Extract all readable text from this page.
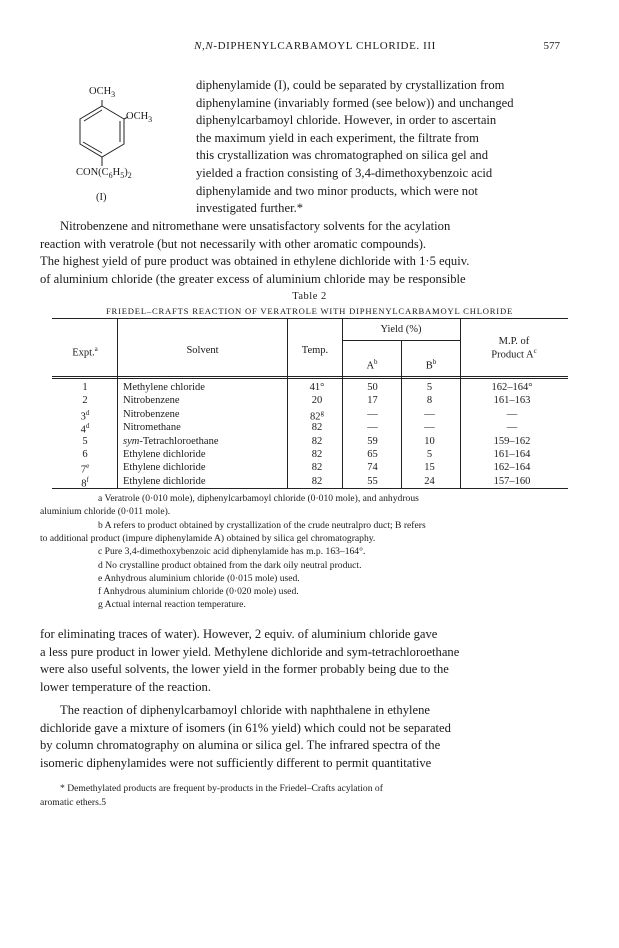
N,N-DIPHENYLCARBAMOYL CHLORIDE. III	577
$OCH_3$
$OCH_3$
$CON(C_6H_5)_2$
(I)
diphenylamide (I), could be separated by crystallization from
diphenylamine (invariably formed (see below)) and unchanged
diphenylcarbamoyl chloride. However, in order to ascertain
the maximum yield in each experiment, the filtrate from
this crystallization was chromatographed on silica gel and
yielded a fraction consisting of 3,4-dimethoxybenzoic acid
diphenylamide and two minor products, which were not
investigated further.*
Nitrobenzene and nitromethane were unsatisfactory solvents for the acylation
reaction with veratrole (but not necessarily with other aromatic compounds).
The highest yield of pure product was obtained in ethylene dichloride with 1·5 equiv.
of aluminium chloride (the greater excess of aluminium chloride may be responsible
Table 2
FRIEDEL–CRAFTS REACTION OF VERATROLE WITH DIPHENYLCARBAMOYL CHLORIDE
Expt.$^a$	Solvent	Temp.
Yield (%)
$A^b$	$B^b$
M.P. of
Product $A^c$
1	Methylene chloride	41°	50	5	162–164°
2	Nitrobenzene	20	17	8	161–163
3$^d$	Nitrobenzene	82$^g$	—	—	—
4$^d$	Nitromethane	82	—	—	—
5	sym-Tetrachloroethane	82	59	10	159–162
6	Ethylene dichloride	82	65	5	161–164
7e	Ethylene dichloride	82	74	15	162–164
8$^f$	Ethylene dichloride	82	55	24	157–160
a Veratrole (0·010 mole), diphenylcarbamoyl chloride (0·010 mole), and anhydrous
aluminium chloride (0·011 mole).
b A refers to product obtained by crystallization of the crude neutralpro duct; B refers
to additional product (impure diphenylamide A) obtained by silica gel chromatography.
c Pure 3,4-dimethoxybenzoic acid diphenylamide has m.p. 163–164°.
d No crystalline product obtained from the dark oily neutral product.
e Anhydrous aluminium chloride (0·015 mole) used.
f Anhydrous aluminium chloride (0·020 mole) used.
g Actual internal reaction temperature.
for eliminating traces of water). However, 2 equiv. of aluminium chloride gave
a less pure product in lower yield. Methylene dichloride and sym-tetrachloroethane
were also useful solvents, the lower yield in the former probably being due to the
lower temperature of the reaction.
The reaction of diphenylcarbamoyl chloride with naphthalene in ethylene
dichloride gave a mixture of isomers (in 61% yield) which could not be separated
by column chromatography on alumina or silica gel. The infrared spectra of the
isomeric diphenylamides were not sufficiently different to permit quantitative
* Demethylated products are frequent by-products in the Friedel–Crafts acylation of
aromatic ethers.5
